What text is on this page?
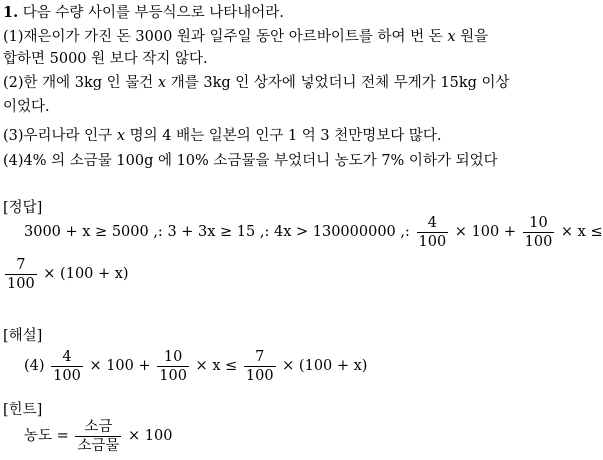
1. 다음 수량 사이를 부등식으로 나타내어라.
(1)재은이가 가진 돈 3000 원과 일주일 동안 아르바이트를 하여 번 돈 x 원을
합하면 5000 원 보다 작지 않다.
(2)한 개에 3kg 인 물건 x 개를 3kg 인 상자에 넣었더니 전체 무게가 15kg 이상
이었다.
(3)우리나라 인구 x 명의 4 배는 일본의 인구 1 억 3 천만명보다 많다.
(4)4% 의 소금물 100g 에 10% 소금물을 부었더니 농도가 7% 이하가 되었다
[정답]
3000 + x ≥ 5000 ,: 3 + 3x ≥ 15 ,: 4x > 130000000 ,: $\frac{4}{100} \times 100 + \frac{10}{100} \times x$ ≤
$\frac{7}{100} \times (100 + x)$
[해설]
$(4) \frac{4}{100} \times 100 + \frac{10}{100} \times x \le \frac{7}{100} \times (100 + x)$
[힌트]
농도 = $\frac{\text{소금}}{\text{소금물}} \times 100$
